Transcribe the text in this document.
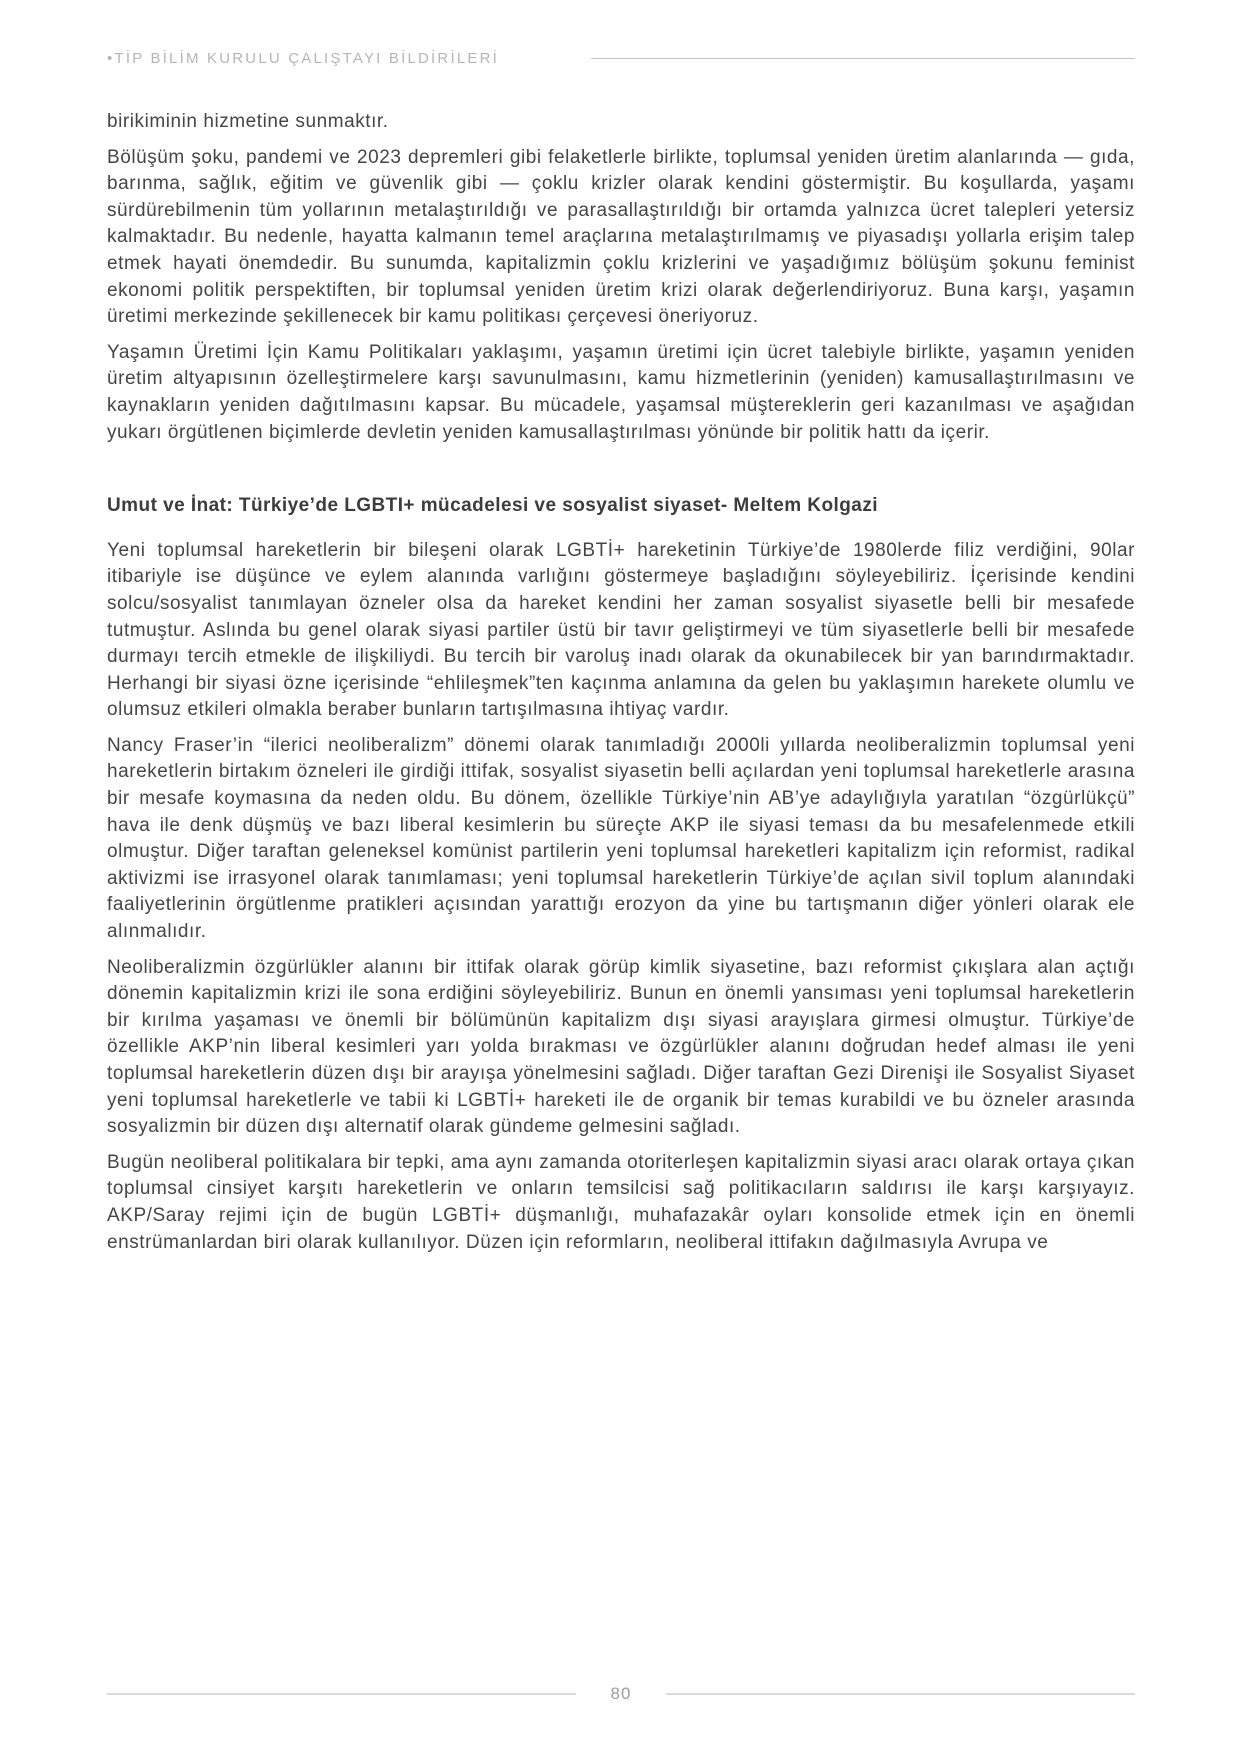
•TİP BİLİM KURULU ÇALIŞTAYI BİLDİRİLERİ

birikiminin hizmetine sunmaktır.

Bölüşüm şoku, pandemi ve 2023 depremleri gibi felaketlerle birlikte, toplumsal yeniden üretim alanlarında — gıda, barınma, sağlık, eğitim ve güvenlik gibi — çoklu krizler olarak kendini göstermiştir. Bu koşullarda, yaşamı sürdürebilmenin tüm yollarının metalaştırıldığı ve parasallaştırıldığı bir ortamda yalnızca ücret talepleri yetersiz kalmaktadır. Bu nedenle, hayatta kalmanın temel araçlarına metalaştırılmamış ve piyasadışı yollarla erişim talep etmek hayati önemdedir. Bu sunumda, kapitalizmin çoklu krizlerini ve yaşadığımız bölüşüm şokunu feminist ekonomi politik perspektiften, bir toplumsal yeniden üretim krizi olarak değerlendiriyoruz. Buna karşı, yaşamın üretimi merkezinde şekillenecek bir kamu politikası çerçevesi öneriyoruz.

Yaşamın Üretimi İçin Kamu Politikaları yaklaşımı, yaşamın üretimi için ücret talebiyle birlikte, yaşamın yeniden üretim altyapısının özelleştirmelere karşı savunulmasını, kamu hizmetlerinin (yeniden) kamusallaştırılmasını ve kaynakların yeniden dağıtılmasını kapsar. Bu mücadele, yaşamsal müştereklerin geri kazanılması ve aşağıdan yukarı örgütlenen biçimlerde devletin yeniden kamusallaştırılması yönünde bir politik hattı da içerir.

Umut ve İnat: Türkiye’de LGBTI+ mücadelesi ve sosyalist siyaset- Meltem Kolgazi

Yeni toplumsal hareketlerin bir bileşeni olarak LGBTİ+ hareketinin Türkiye’de 1980lerde filiz verdiğini, 90lar itibariyle ise düşünce ve eylem alanında varlığını göstermeye başladığını söyleyebiliriz. İçerisinde kendini solcu/sosyalist tanımlayan özneler olsa da hareket kendini her zaman sosyalist siyasetle belli bir mesafede tutmuştur. Aslında bu genel olarak siyasi partiler üstü bir tavır geliştirmeyi ve tüm siyasetlerle belli bir mesafede durmayı tercih etmekle de ilişkiliydi. Bu tercih bir varoluş inadı olarak da okunabilecek bir yan barındırmaktadır. Herhangi bir siyasi özne içerisinde “ehlileşmek”ten kaçınma anlamına da gelen bu yaklaşımın harekete olumlu ve olumsuz etkileri olmakla beraber bunların tartışılmasına ihtiyaç vardır.

Nancy Fraser’in “ilerici neoliberalizm” dönemi olarak tanımladığı 2000li yıllarda neoliberalizmin toplumsal yeni hareketlerin birtakım özneleri ile girdiği ittifak, sosyalist siyasetin belli açılardan yeni toplumsal hareketlerle arasına bir mesafe koymasına da neden oldu. Bu dönem, özellikle Türkiye’nin AB’ye adaylığıyla yaratılan “özgürlükçü” hava ile denk düşmüş ve bazı liberal kesimlerin bu süreçte AKP ile siyasi teması da bu mesafelenmede etkili olmuştur. Diğer taraftan geleneksel komünist partilerin yeni toplumsal hareketleri kapitalizm için reformist, radikal aktivizmi ise irrasyonel olarak tanımlaması; yeni toplumsal hareketlerin Türkiye’de açılan sivil toplum alanındaki faaliyetlerinin örgütlenme pratikleri açısından yarattığı erozyon da yine bu tartışmanın diğer yönleri olarak ele alınmalıdır.

Neoliberalizmin özgürlükler alanını bir ittifak olarak görüp kimlik siyasetine, bazı reformist çıkışlara alan açtığı dönemin kapitalizmin krizi ile sona erdiğini söyleyebiliriz. Bunun en önemli yansıması yeni toplumsal hareketlerin bir kırılma yaşaması ve önemli bir bölümünün kapitalizm dışı siyasi arayışlara girmesi olmuştur. Türkiye’de özellikle AKP’nin liberal kesimleri yarı yolda bırakması ve özgürlükler alanını doğrudan hedef alması ile yeni toplumsal hareketlerin düzen dışı bir arayışa yönelmesini sağladı. Diğer taraftan Gezi Direnişi ile Sosyalist Siyaset yeni toplumsal hareketlerle ve tabii ki LGBTİ+ hareketi ile de organik bir temas kurabildi ve bu özneler arasında sosyalizmin bir düzen dışı alternatif olarak gündeme gelmesini sağladı.

Bugün neoliberal politikalara bir tepki, ama aynı zamanda otoriterleşen kapitalizmin siyasi aracı olarak ortaya çıkan toplumsal cinsiyet karşıtı hareketlerin ve onların temsilcisi sağ politikacıların saldırısı ile karşı karşıyayız. AKP/Saray rejimi için de bugün LGBTİ+ düşmanlığı, muhafazakâr oyları konsolide etmek için en önemli enstrümanlardan biri olarak kullanılıyor. Düzen için reformların, neoliberal ittifakın dağılmasıyla Avrupa ve

80
